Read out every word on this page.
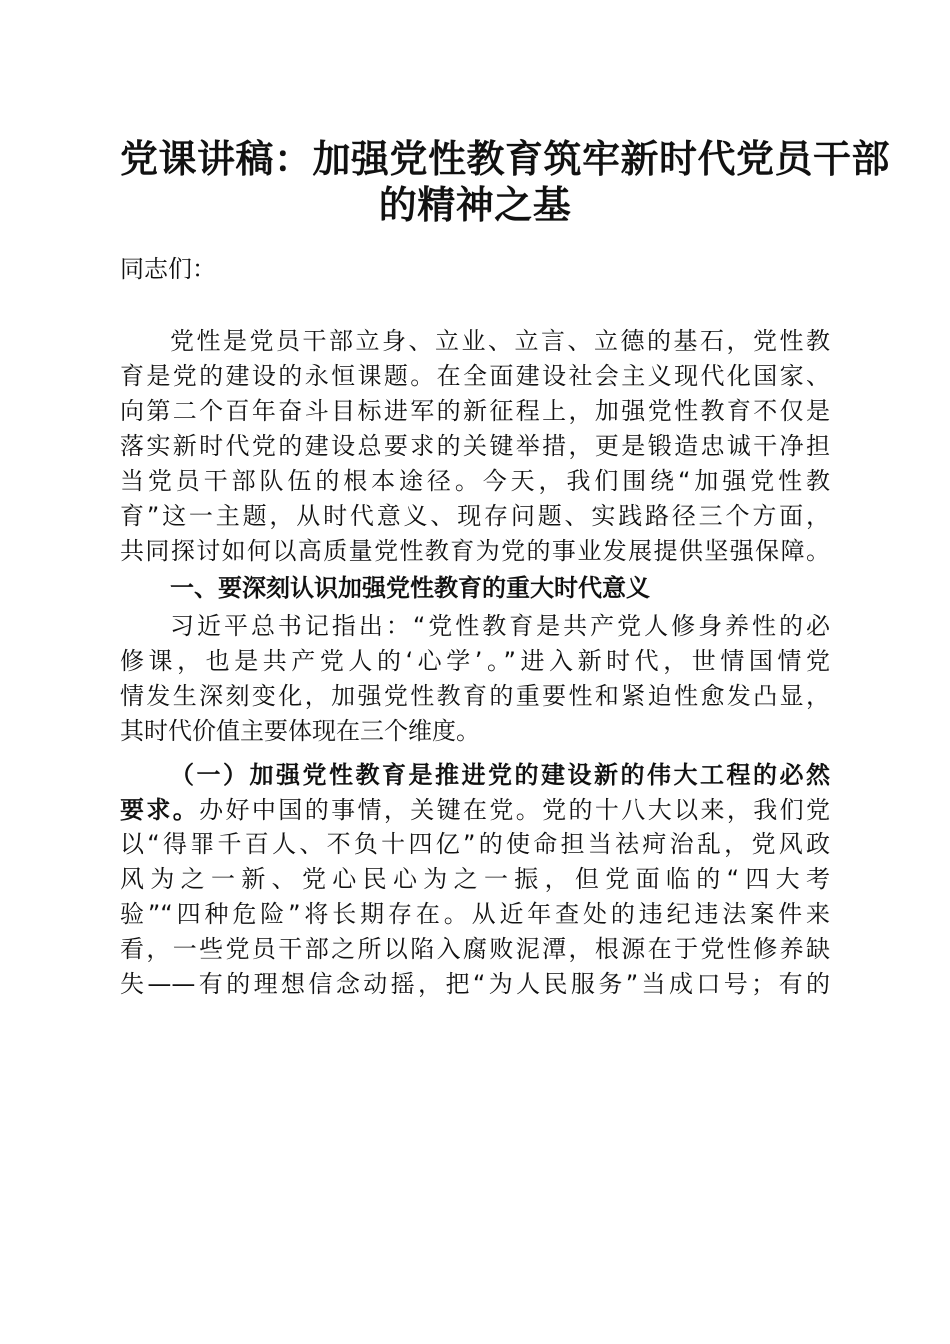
党课讲稿：加强党性教育筑牢新时代党员干部
的精神之基
同志们：
党性是党员干部立身、立业、立言、立德的基石，党性教
育是党的建设的永恒课题。在全面建设社会主义现代化国家、
向第二个百年奋斗目标进军的新征程上，加强党性教育不仅是
落实新时代党的建设总要求的关键举措，更是锻造忠诚干净担
当党员干部队伍的根本途径。今天，我们围绕“加强党性教
育”这一主题，从时代意义、现存问题、实践路径三个方面，
共同探讨如何以高质量党性教育为党的事业发展提供坚强保障。
一、要深刻认识加强党性教育的重大时代意义
习近平总书记指出：“党性教育是共产党人修身养性的必
修课，也是共产党人的‘心学’。”进入新时代，世情国情党
情发生深刻变化，加强党性教育的重要性和紧迫性愈发凸显，
其时代价值主要体现在三个维度。
（一）加强党性教育是推进党的建设新的伟大工程的必然
要求。办好中国的事情，关键在党。党的十八大以来，我们党
以“得罪千百人、不负十四亿”的使命担当祛疴治乱，党风政
风为之一新、党心民心为之一振，但党面临的“四大考
验”“四种危险”将长期存在。从近年查处的违纪违法案件来
看，一些党员干部之所以陷入腐败泥潭，根源在于党性修养缺
失——有的理想信念动摇，把“为人民服务”当成口号；有的
